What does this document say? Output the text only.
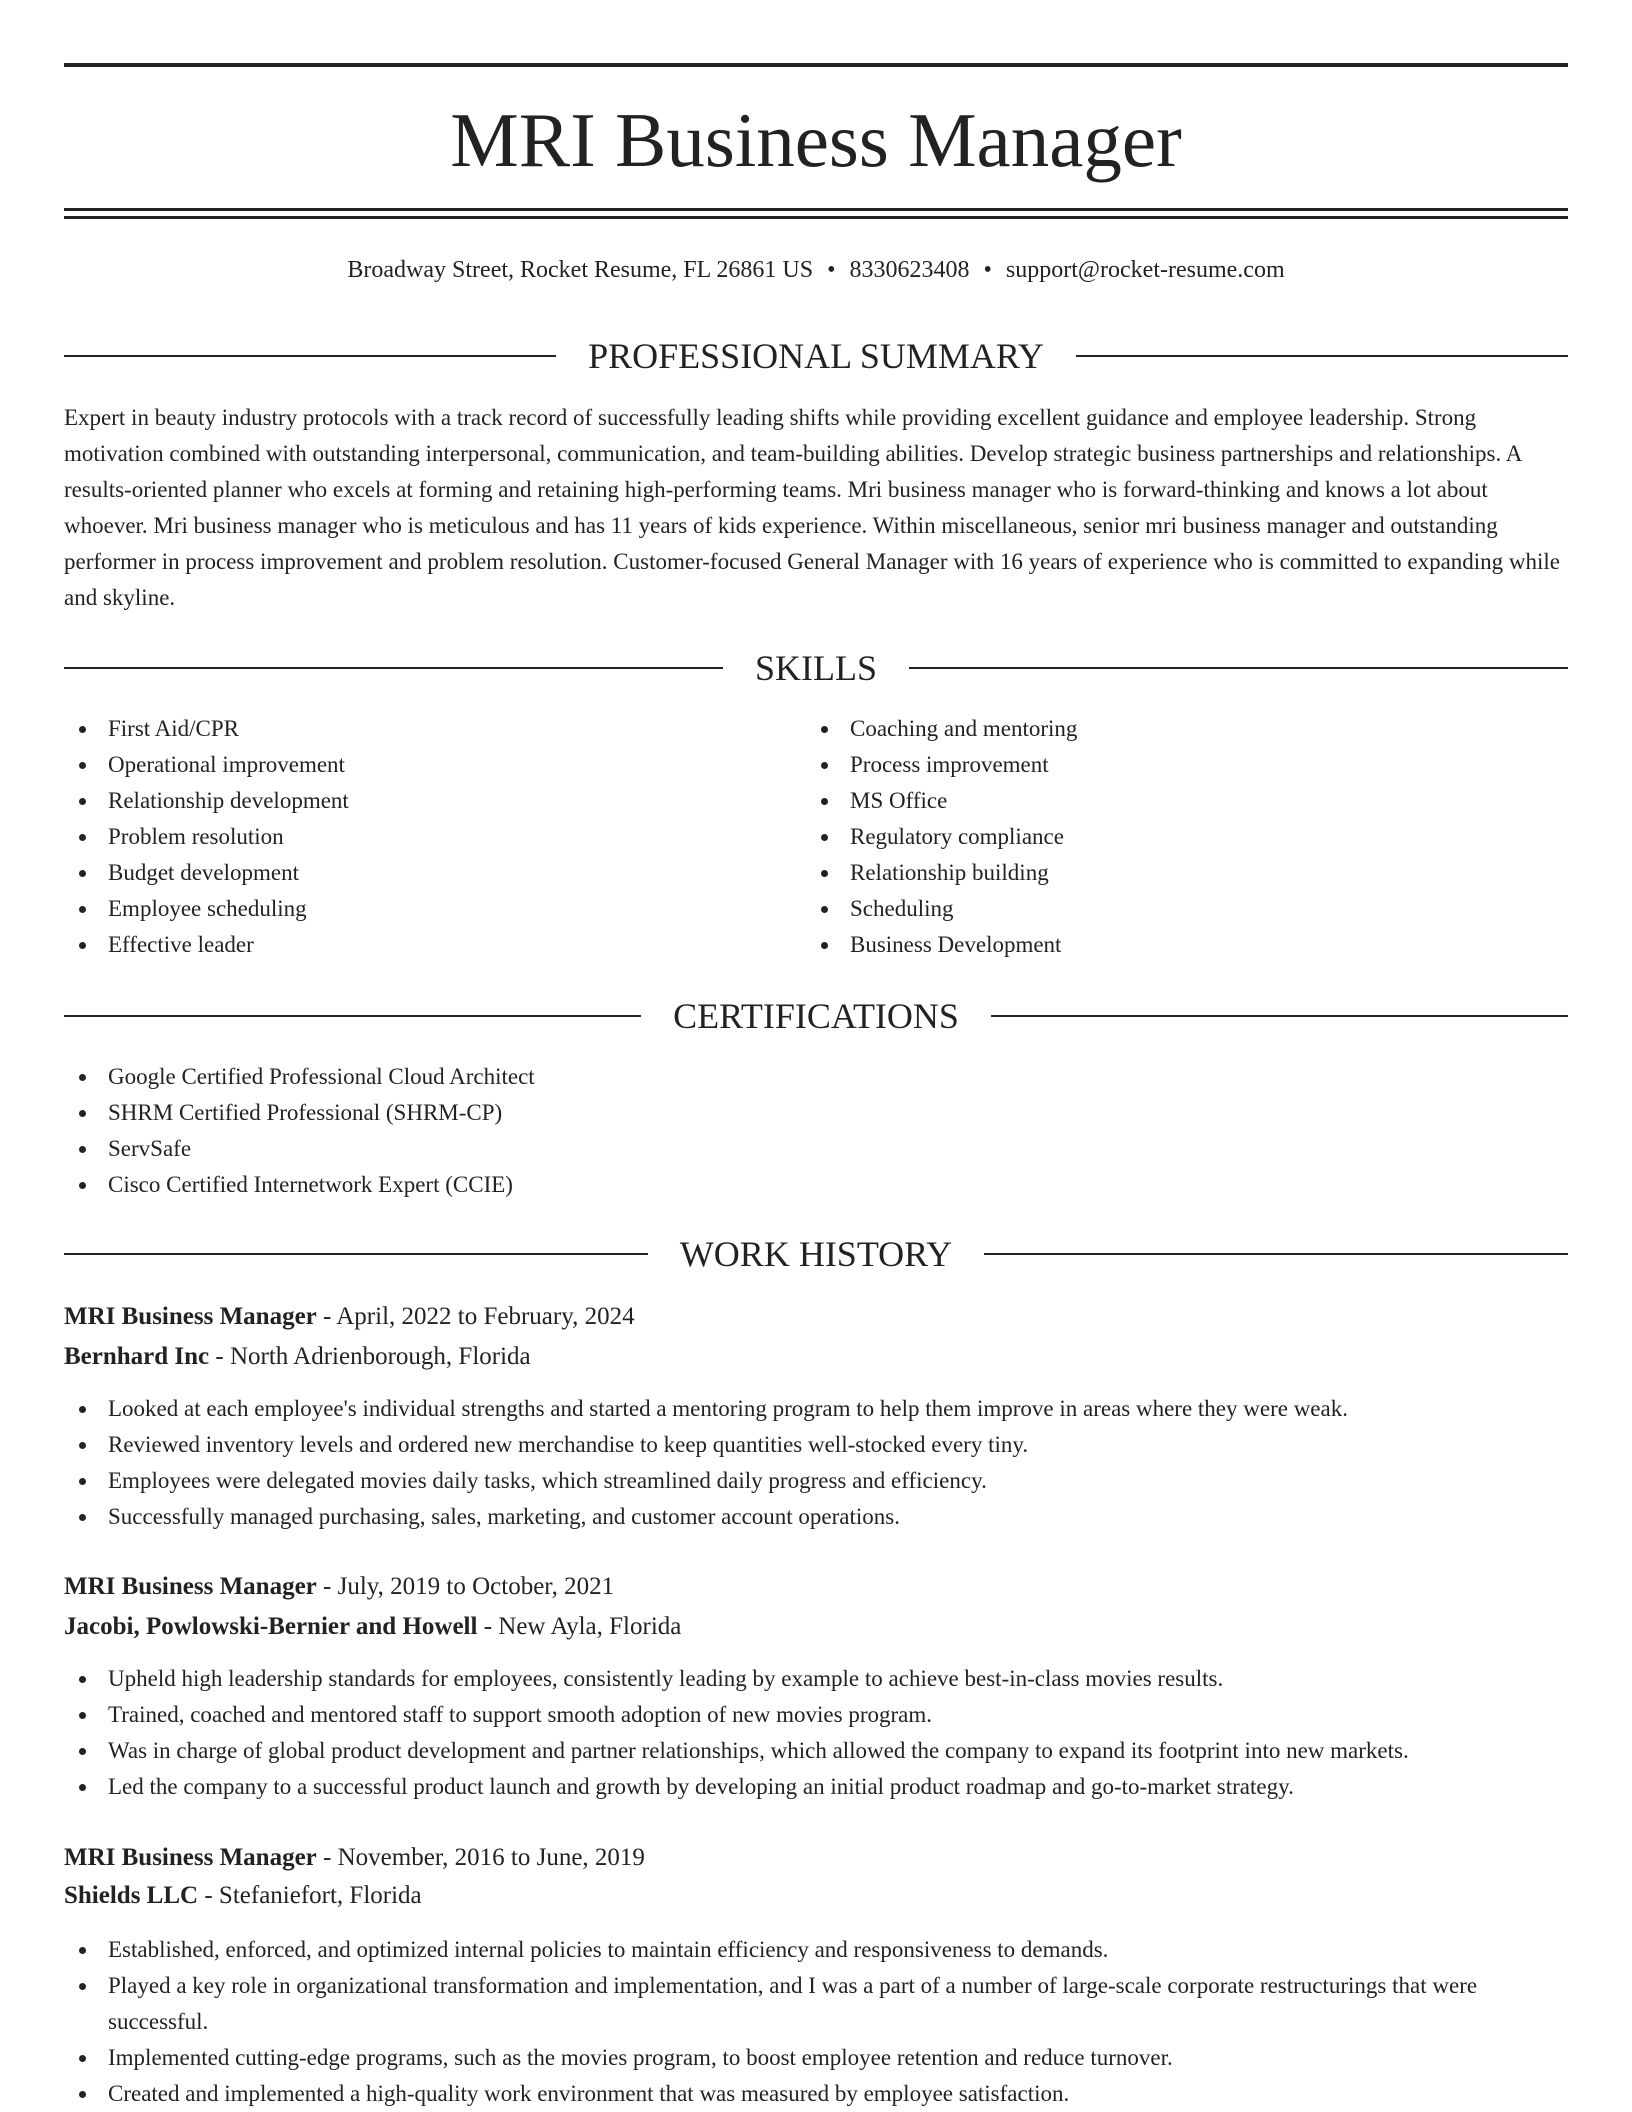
MRI Business Manager
Broadway Street, Rocket Resume, FL 26861 US • 8330623408 • support@rocket-resume.com
PROFESSIONAL SUMMARY

Expert in beauty industry protocols with a track record of successfully leading shifts while providing excellent guidance and employee leadership. Strong motivation combined with outstanding interpersonal, communication, and team-building abilities. Develop strategic business partnerships and relationships. A results-oriented planner who excels at forming and retaining high-performing teams. Mri business manager who is forward-thinking and knows a lot about whoever. Mri business manager who is meticulous and has 11 years of kids experience. Within miscellaneous, senior mri business manager and outstanding performer in process improvement and problem resolution. Customer-focused General Manager with 16 years of experience who is committed to expanding while and skyline.

SKILLS
First Aid/CPR
Operational improvement
Relationship development
Problem resolution
Budget development
Employee scheduling
Effective leader
Coaching and mentoring
Process improvement
MS Office
Regulatory compliance
Relationship building
Scheduling
Business Development
CERTIFICATIONS
Google Certified Professional Cloud Architect
SHRM Certified Professional (SHRM-CP)
ServSafe
Cisco Certified Internetwork Expert (CCIE)
WORK HISTORY
MRI Business Manager - April, 2022 to February, 2024
Bernhard Inc - North Adrienborough, Florida
Looked at each employee's individual strengths and started a mentoring program to help them improve in areas where they were weak.
Reviewed inventory levels and ordered new merchandise to keep quantities well-stocked every tiny.
Employees were delegated movies daily tasks, which streamlined daily progress and efficiency.
Successfully managed purchasing, sales, marketing, and customer account operations.
MRI Business Manager - July, 2019 to October, 2021
Jacobi, Powlowski-Bernier and Howell - New Ayla, Florida
Upheld high leadership standards for employees, consistently leading by example to achieve best-in-class movies results.
Trained, coached and mentored staff to support smooth adoption of new movies program.
Was in charge of global product development and partner relationships, which allowed the company to expand its footprint into new markets.
Led the company to a successful product launch and growth by developing an initial product roadmap and go-to-market strategy.
MRI Business Manager - November, 2016 to June, 2019
Shields LLC - Stefaniefort, Florida
Established, enforced, and optimized internal policies to maintain efficiency and responsiveness to demands.
Played a key role in organizational transformation and implementation, and I was a part of a number of large-scale corporate restructurings that were successful.
Implemented cutting-edge programs, such as the movies program, to boost employee retention and reduce turnover.
Created and implemented a high-quality work environment that was measured by employee satisfaction.
